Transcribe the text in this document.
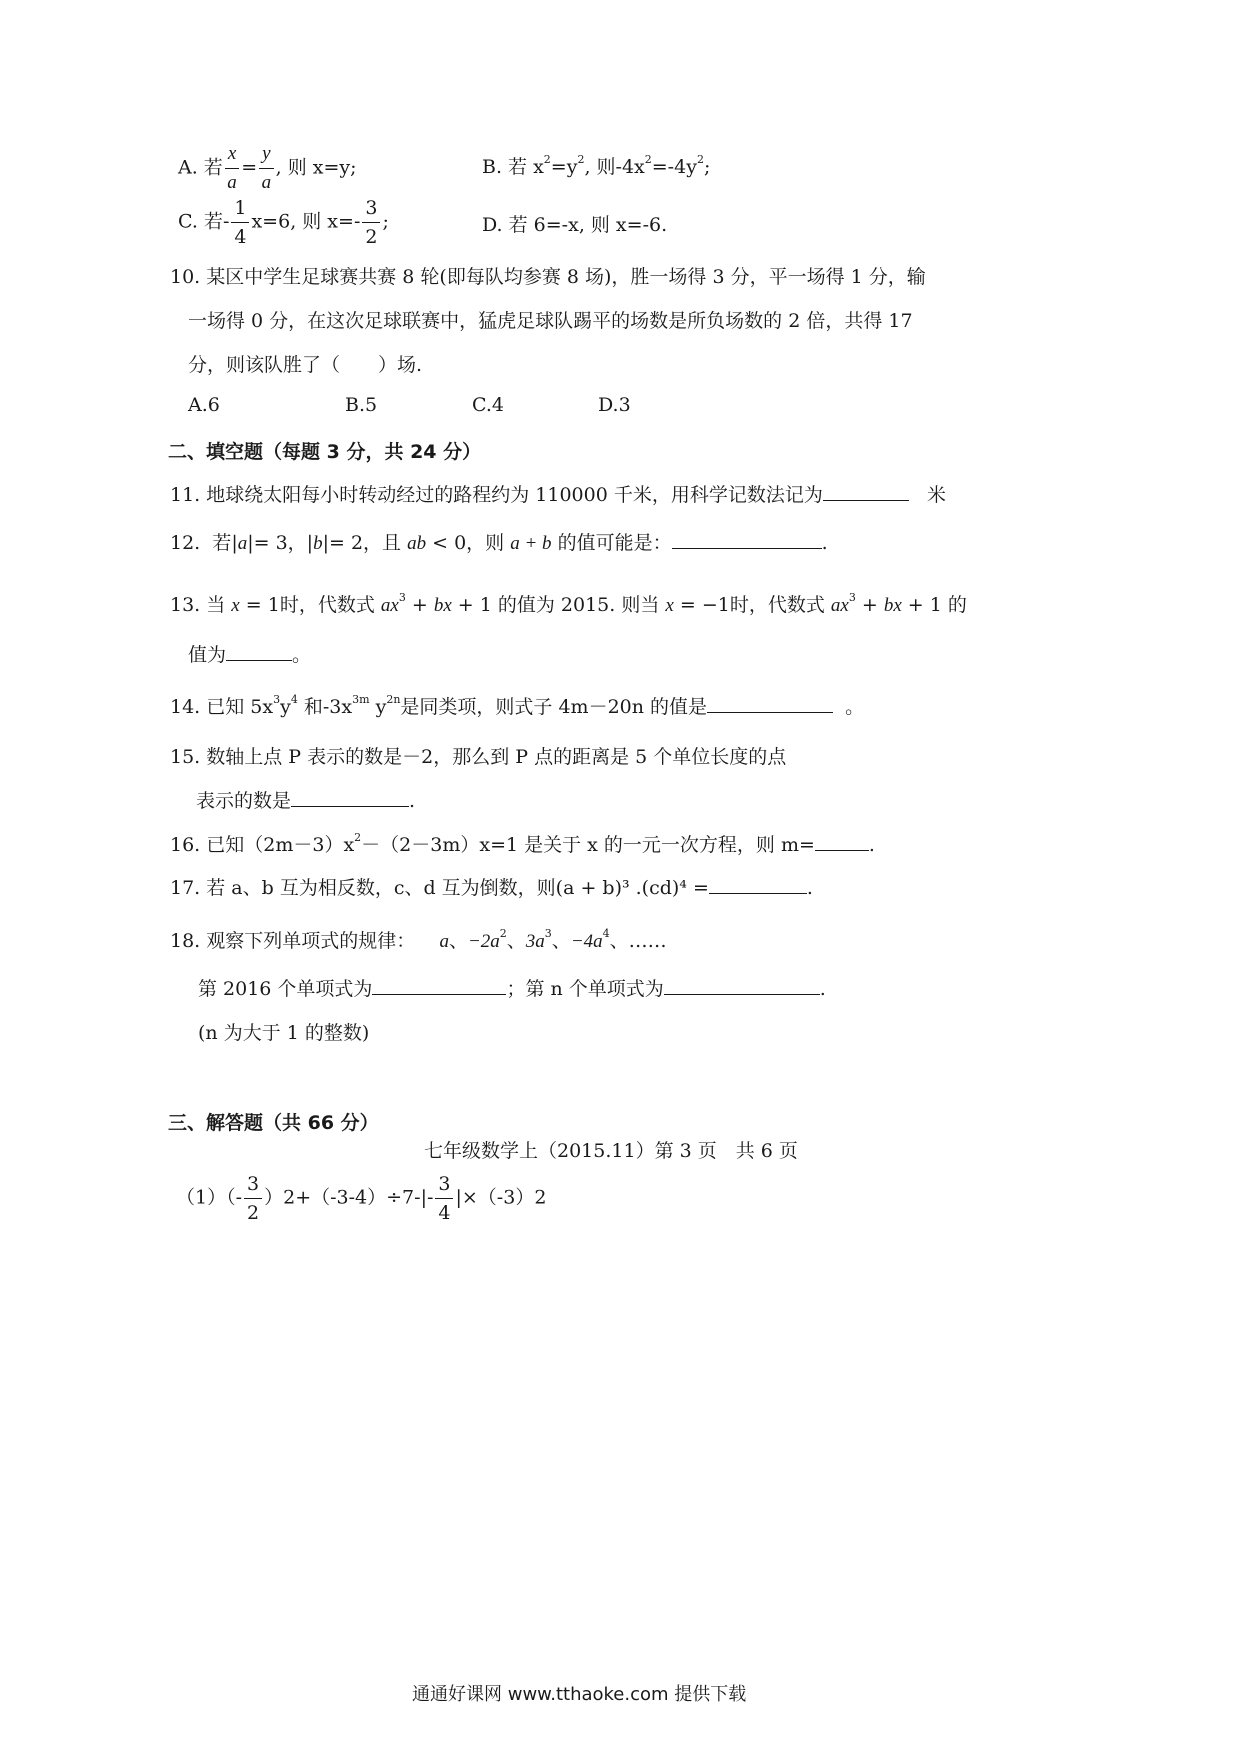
A. 若 $\frac{x}{a} = \frac{y}{a}$ , 则 x=y;	B. 若 $x^2=y^2$, 则$-4x^2=-4y^2$;
C. 若- $\frac{1}{4} x=6$, 则 $x=- \frac{3}{2}$ ;	D. 若 6=-x, 则 x=-6.
10. 某区中学生足球赛共赛 8 轮(即每队均参赛 8 场)，胜一场得 3 分，平一场得 1 分，输
一场得 0 分，在这次足球联赛中，猛虎足球队踢平的场数是所负场数的 2 倍，共得 17
分，则该队胜了（　　）场.
A.6	B.5	C.4	D.3
二、填空题（每题 3 分，共 24 分）
11. 地球绕太阳每小时转动经过的路程约为 110000 千米，用科学记数法记为	米
12. 若|a|= 3，|b|= 2，且 ab < 0，则 a + b 的值可能是：	.
13. 当 x = 1时，代数式 $ax^3$ + bx + 1 的值为 2015. 则当 x = −1时，代数式 $ax^3$ + bx + 1 的
值为	。
14. 已知 $5x^3y^4$ 和$-3x^{3m}$ $y^{2n}$是同类项，则式子 4m－20n 的值是	。
15. 数轴上点 P 表示的数是－2，那么到 P 点的距离是 5 个单位长度的点
表示的数是	.
16. 已知$(2m-3)x^2-(2-3m)x=1$ 是关于 x 的一元一次方程，则 m=	.
17. 若 a、b 互为相反数，c、d 互为倒数，则(a + b)³ .(cd)⁴ =	.
18. 观察下列单项式的规律： a、$-2a^2$、$3a^3$、$-4a^4$、……
第 2016 个单项式为	；第 n 个单项式为	.
(n 为大于 1 的整数)
三、解答题（共 66 分）
七年级数学上（2015.11）第 3 页　共 6 页
$(1)(- \frac{3}{2} )2+(-3-4)\div 7-|- \frac{3}{4} |\times(-3)2$
通通好课网 www.tthaoke.com 提供下载
